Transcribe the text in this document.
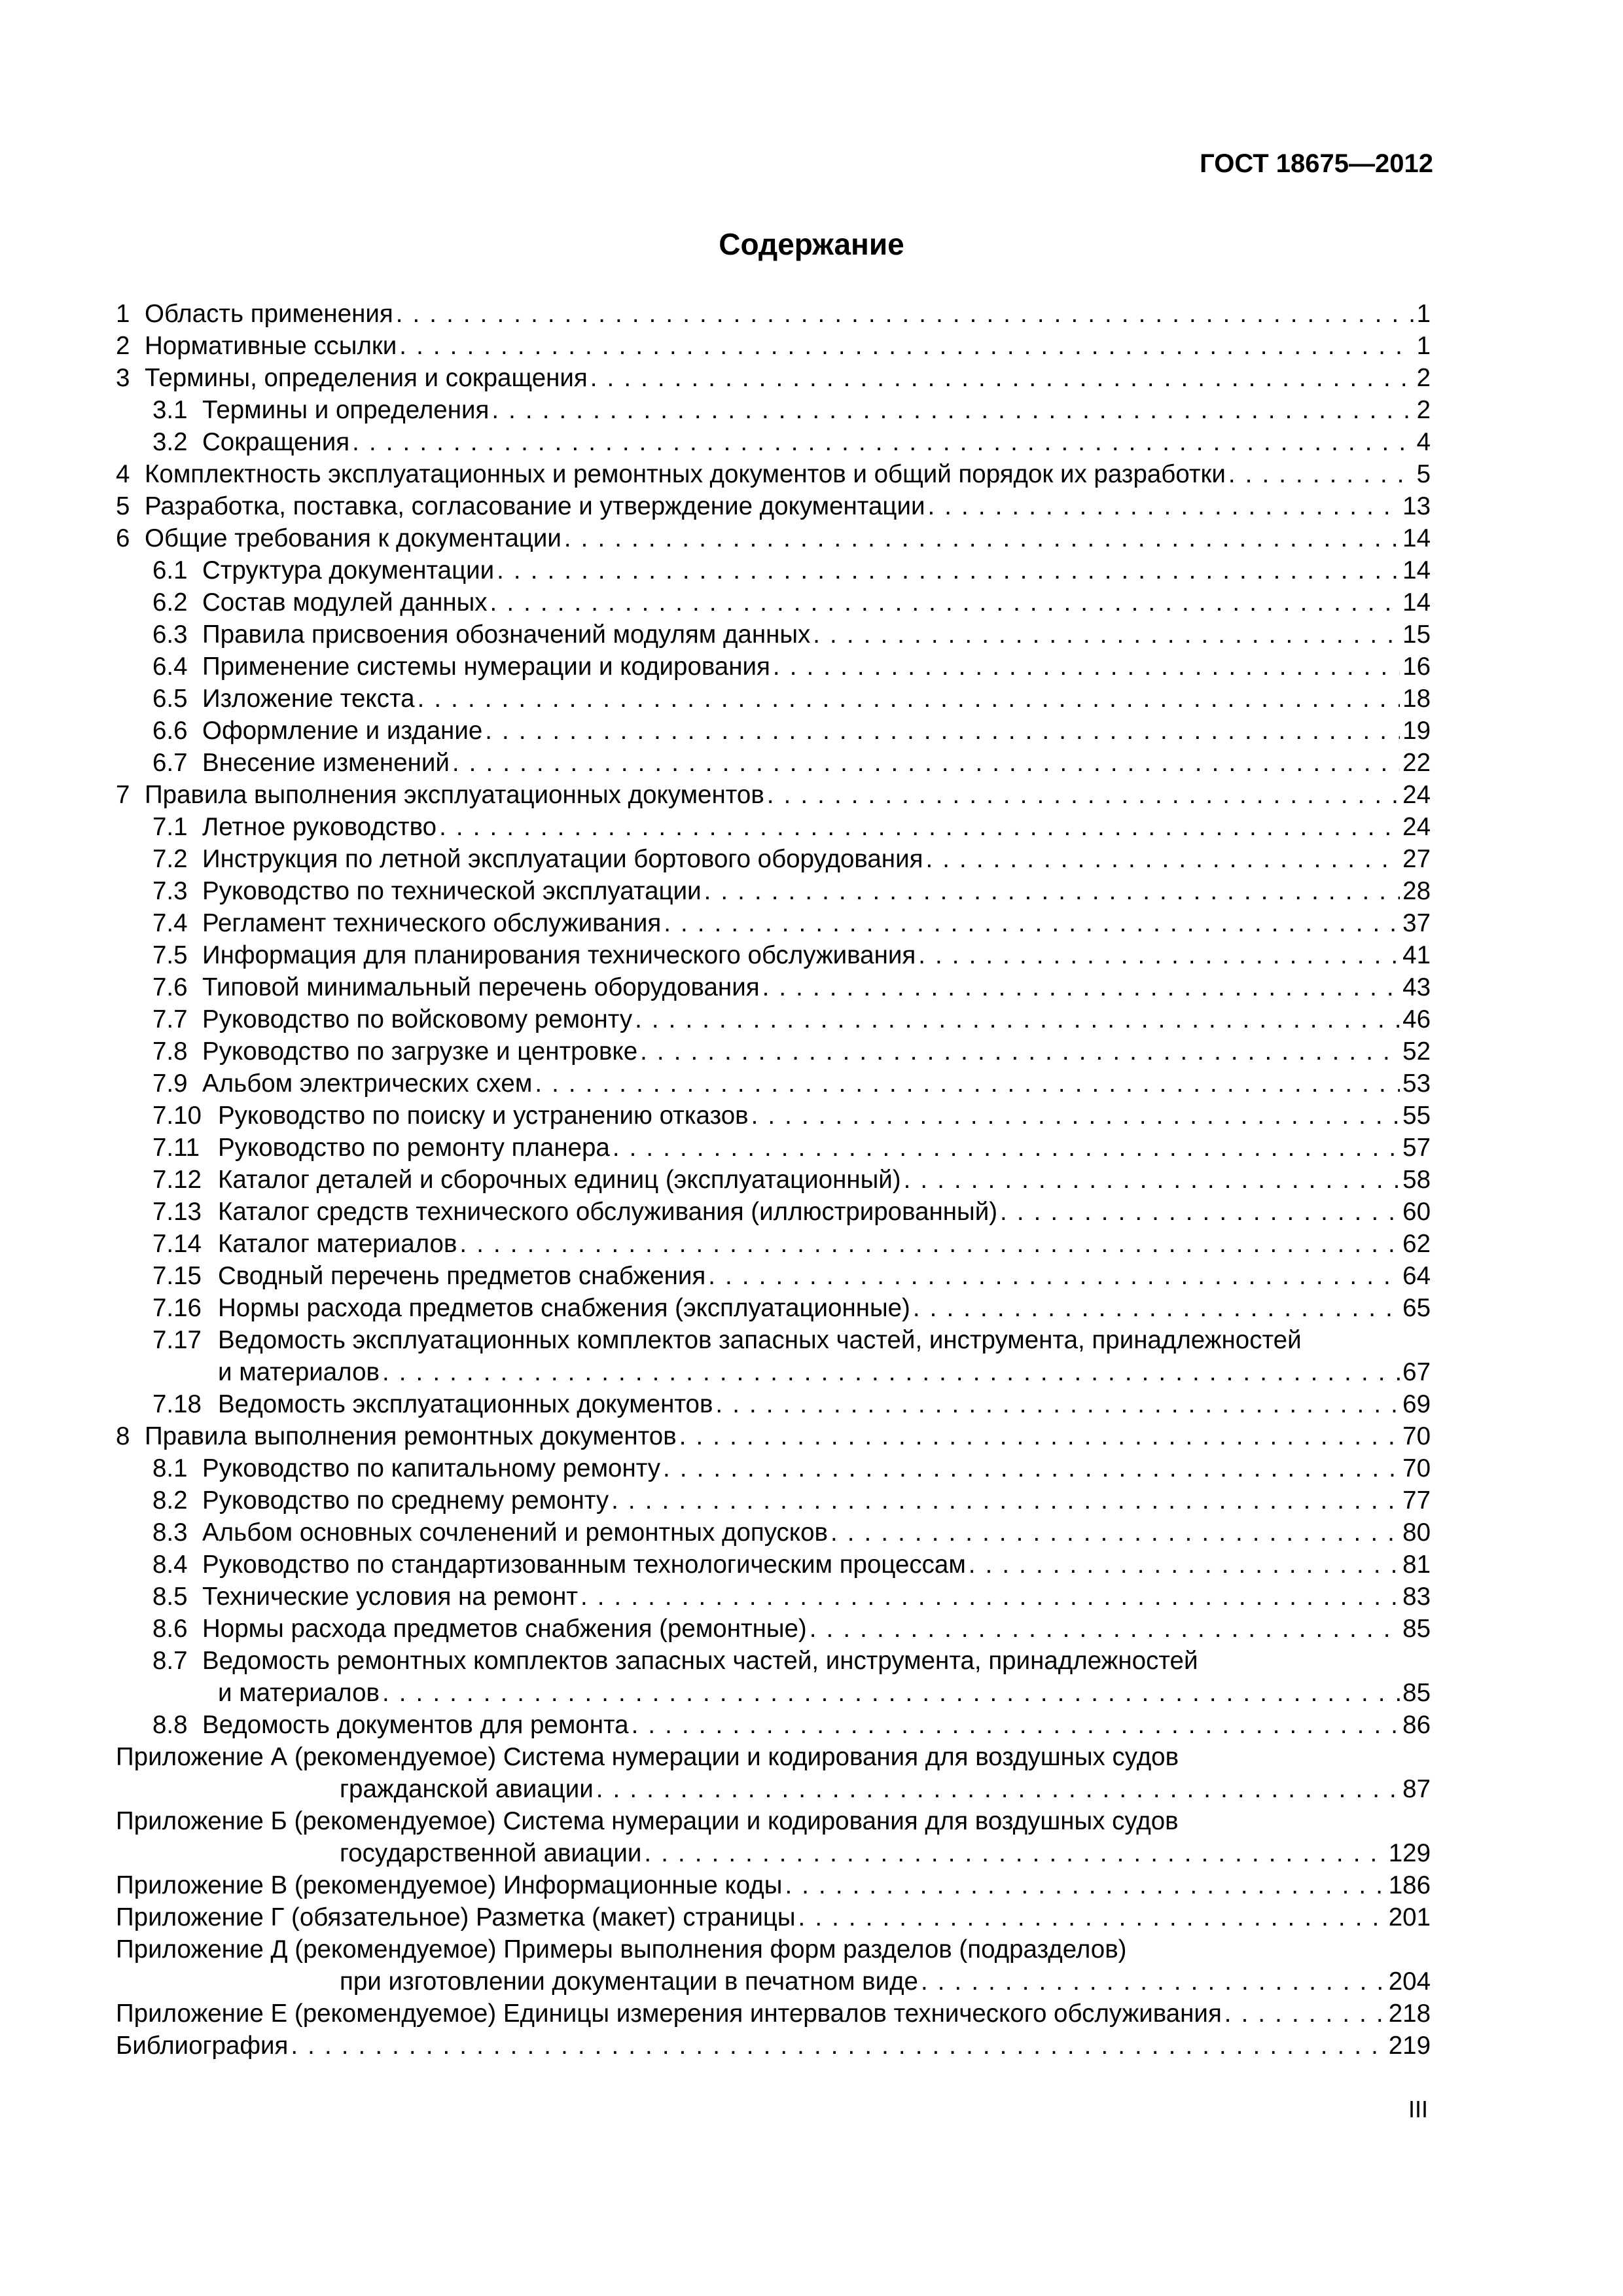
ГОСТ 18675—2012
Содержание
1 Область применения . . .	1
2 Нормативные ссылки . . .	1
3 Термины, определения и сокращения . . .	2
3.1 Термины и определения . . .	2
3.2 Сокращения . . .	4
4 Комплектность эксплуатационных и ремонтных документов и общий порядок их разработки . . .	5
5 Разработка, поставка, согласование и утверждение документации . . .	13
6 Общие требования к документации . . .	14
6.1 Структура документации . . .	14
6.2 Состав модулей данных . . .	14
6.3 Правила присвоения обозначений модулям данных . . .	15
6.4 Применение системы нумерации и кодирования . . .	16
6.5 Изложение текста . . .	18
6.6 Оформление и издание . . .	19
6.7 Внесение изменений . . .	22
7 Правила выполнения эксплуатационных документов . . .	24
7.1 Летное руководство . . .	24
7.2 Инструкция по летной эксплуатации бортового оборудования . . .	27
7.3 Руководство по технической эксплуатации . . .	28
7.4 Регламент технического обслуживания . . .	37
7.5 Информация для планирования технического обслуживания . . .	41
7.6 Типовой минимальный перечень оборудования . . .	43
7.7 Руководство по войсковому ремонту . . .	46
7.8 Руководство по загрузке и центровке . . .	52
7.9 Альбом электрических схем . . .	53
7.10 Руководство по поиску и устранению отказов . . .	55
7.11 Руководство по ремонту планера . . .	57
7.12 Каталог деталей и сборочных единиц (эксплуатационный) . . .	58
7.13 Каталог средств технического обслуживания (иллюстрированный) . . .	60
7.14 Каталог материалов . . .	62
7.15 Сводный перечень предметов снабжения . . .	64
7.16 Нормы расхода предметов снабжения (эксплуатационные) . . .	65
7.17 Ведомость эксплуатационных комплектов запасных частей, инструмента, принадлежностей
и материалов . . .	67
7.18 Ведомость эксплуатационных документов . . .	69
8 Правила выполнения ремонтных документов . . .	70
8.1 Руководство по капитальному ремонту . . .	70
8.2 Руководство по среднему ремонту . . .	77
8.3 Альбом основных сочленений и ремонтных допусков . . .	80
8.4 Руководство по стандартизованным технологическим процессам . . .	81
8.5 Технические условия на ремонт . . .	83
8.6 Нормы расхода предметов снабжения (ремонтные) . . .	85
8.7 Ведомость ремонтных комплектов запасных частей, инструмента, принадлежностей
и материалов . . .	85
8.8 Ведомость документов для ремонта . . .	86
Приложение А (рекомендуемое) Система нумерации и кодирования для воздушных судов
гражданской авиации . . .	87
Приложение Б (рекомендуемое) Система нумерации и кодирования для воздушных судов
государственной авиации . . .	129
Приложение В (рекомендуемое) Информационные коды . . .	186
Приложение Г (обязательное) Разметка (макет) страницы . . .	201
Приложение Д (рекомендуемое) Примеры выполнения форм разделов (подразделов)
при изготовлении документации в печатном виде . . .	204
Приложение Е (рекомендуемое) Единицы измерения интервалов технического обслуживания . . .	218
Библиография . . .	219
III
